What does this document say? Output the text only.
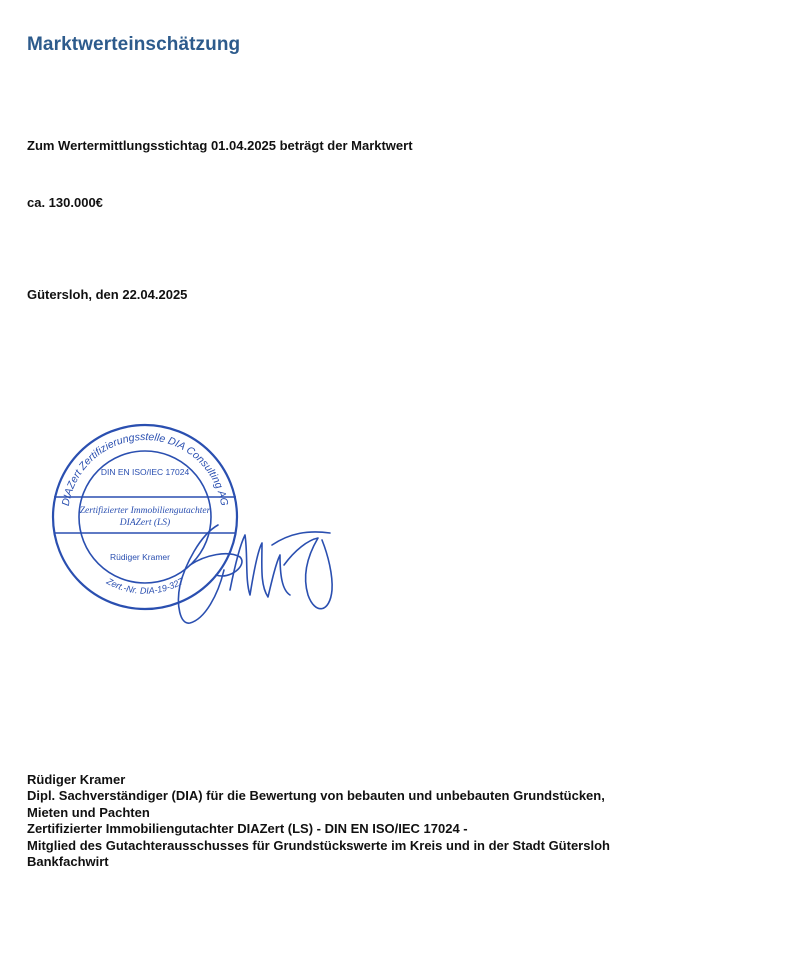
Marktwerteinschätzung
Zum Wertermittlungsstichtag 01.04.2025 beträgt der Marktwert
ca. 130.000€
Gütersloh, den 22.04.2025
DIAZert Zertifizierungsstelle DIA Consulting AG
Zert.-Nr. DIA-19-327
DIN EN ISO/IEC 17024
Zertifizierter Immobiliengutachter
DIAZert (LS)
Rüdiger Kramer
Rüdiger Kramer
Dipl. Sachverständiger (DIA) für die Bewertung von bebauten und unbebauten Grundstücken,
Mieten und Pachten
Zertifizierter Immobiliengutachter DIAZert (LS) - DIN EN ISO/IEC 17024 -
Mitglied des Gutachterausschusses für Grundstückswerte im Kreis und in der Stadt Gütersloh
Bankfachwirt
